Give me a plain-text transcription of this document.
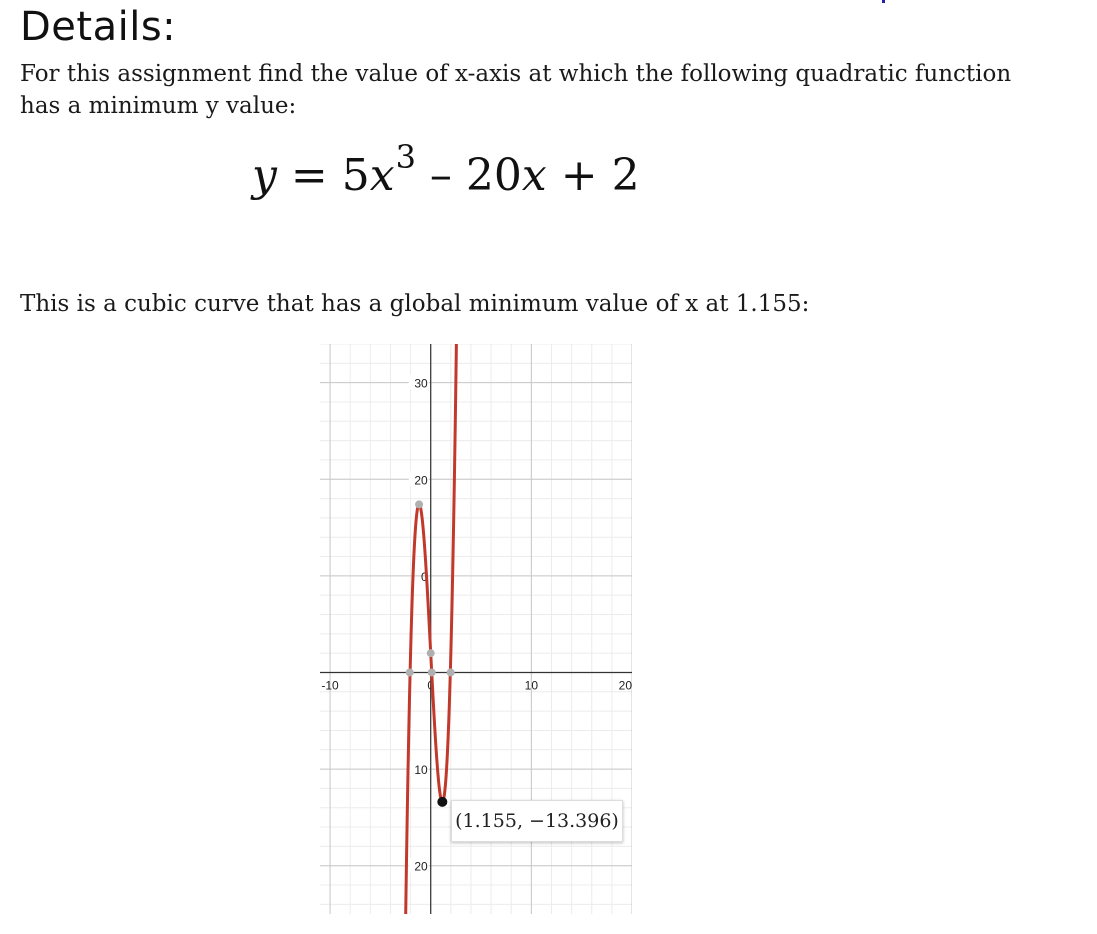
Details:

For this assignment find the value of x-axis at which the following quadratic function has a minimum y value:

$y = 5x^3 - 20x + 2$

This is a cubic curve that has a global minimum value of x at 1.155:

-10	0	10	20
30
20
10
20
0
(1.155, −13.396)
